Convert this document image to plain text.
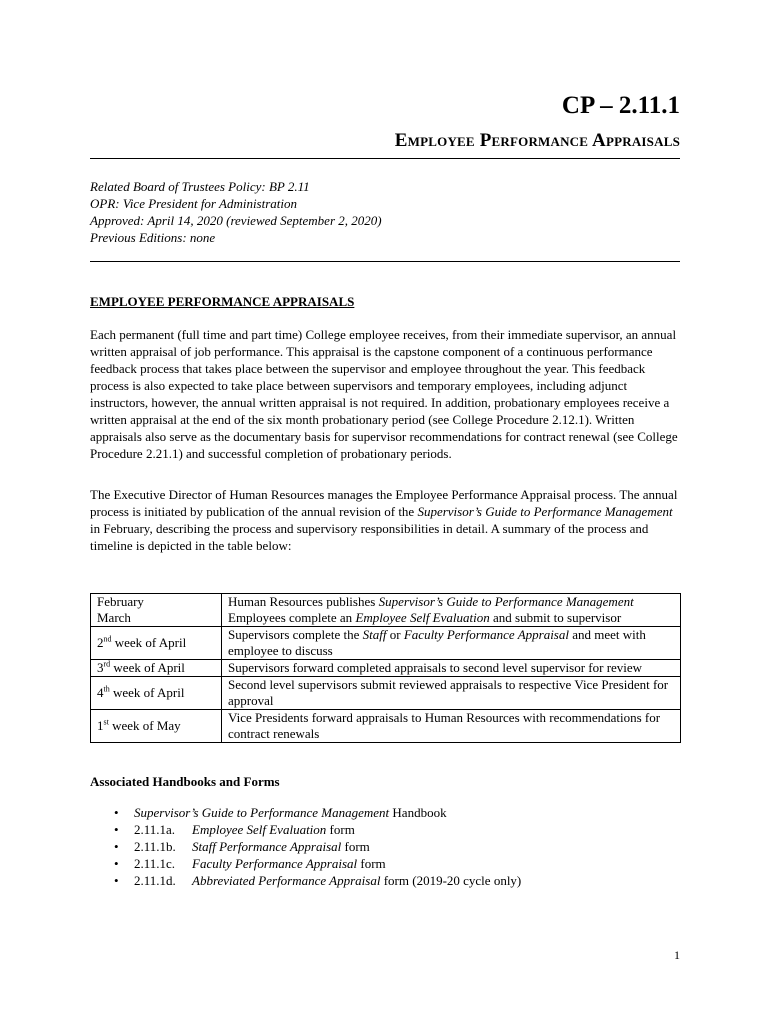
CP – 2.11.1
Employee Performance Appraisals
Related Board of Trustees Policy: BP 2.11
OPR: Vice President for Administration
Approved: April 14, 2020 (reviewed September 2, 2020)
Previous Editions: none
EMPLOYEE PERFORMANCE APPRAISALS

Each permanent (full time and part time) College employee receives, from their immediate supervisor, an annual written appraisal of job performance. This appraisal is the capstone component of a continuous performance feedback process that takes place between the supervisor and employee throughout the year. This feedback process is also expected to take place between supervisors and temporary employees, including adjunct instructors, however, the annual written appraisal is not required. In addition, probationary employees receive a written appraisal at the end of the six month probationary period (see College Procedure 2.12.1). Written appraisals also serve as the documentary basis for supervisor recommendations for contract renewal (see College Procedure 2.21.1) and successful completion of probationary periods.

The Executive Director of Human Resources manages the Employee Performance Appraisal process. The annual process is initiated by publication of the annual revision of the Supervisor’s Guide to Performance Management in February, describing the process and supervisory responsibilities in detail. A summary of the process and timeline is depicted in the table below:

February	Human Resources publishes Supervisor’s Guide to Performance Management
March	Employees complete an Employee Self Evaluation and submit to supervisor
2nd week of April	Supervisors complete the Staff or Faculty Performance Appraisal and meet with employee to discuss
3rd week of April	Supervisors forward completed appraisals to second level supervisor for review
4th week of April	Second level supervisors submit reviewed appraisals to respective Vice President for approval
1st week of May	Vice Presidents forward appraisals to Human Resources with recommendations for contract renewals
Associated Handbooks and Forms
• Supervisor’s Guide to Performance Management Handbook
• 2.11.1a. Employee Self Evaluation form
• 2.11.1b. Staff Performance Appraisal form
• 2.11.1c. Faculty Performance Appraisal form
• 2.11.1d. Abbreviated Performance Appraisal form (2019-20 cycle only)
1
